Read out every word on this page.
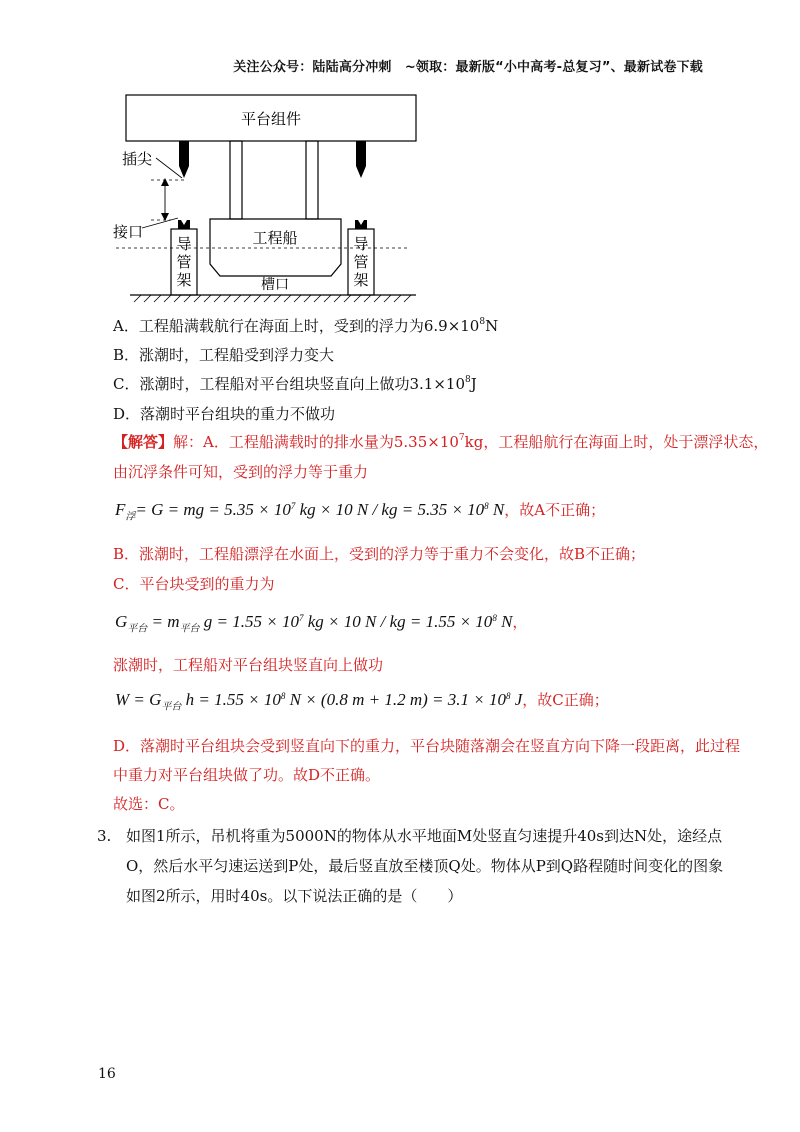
关注公众号：陆陆高分冲刺　~领取：最新版“小中高考-总复习”、最新试卷下载
平台组件
插尖
接口	工程船
槽口
导
管
架
导
管
架
A．工程船满载航行在海面上时，受到的浮力为$6.9\times 10^8N$
B．涨潮时，工程船受到浮力变大
C．涨潮时，工程船对平台组块竖直向上做功$3.1\times 10^8J$
D．落潮时平台组块的重力不做功
【解答】解：A．工程船满载时的排水量为$5.35\times 10^7kg$，工程船航行在海面上时，处于漂浮状态，
由沉浮条件可知，受到的浮力等于重力
$F_浮= G$ = mg = $5.35 \times 10^7$ kg × 10 N / kg = $5.35 \times 10^8$ N，故A不正确；
B．涨潮时，工程船漂浮在水面上，受到的浮力等于重力不会变化，故B不正确；
C．平台块受到的重力为
$G_{平台} = m_{平台}$ $g = 1.55 \times 10^7$ kg × 10 N / kg = $1.55 \times 10^8$ N，
涨潮时，工程船对平台组块竖直向上做功
$W = G_{平台}$ $h = 1.55 \times 10^8$ N × (0.8 m + 1.2 $m) = 3.1 \times 10^8$ J，故C正确；
D．落潮时平台组块会受到竖直向下的重力，平台块随落潮会在竖直方向下降一段距离，此过程
中重力对平台组块做了功。故D不正确。
故选：C。
3. 如图1所示，吊机将重为5000N的物体从水平地面M处竖直匀速提升40s到达N处，途经点
O，然后水平匀速运送到P处，最后竖直放至楼顶Q处。物体从P到Q路程随时间变化的图象
如图2所示，用时40s。以下说法正确的是（　　）
16
